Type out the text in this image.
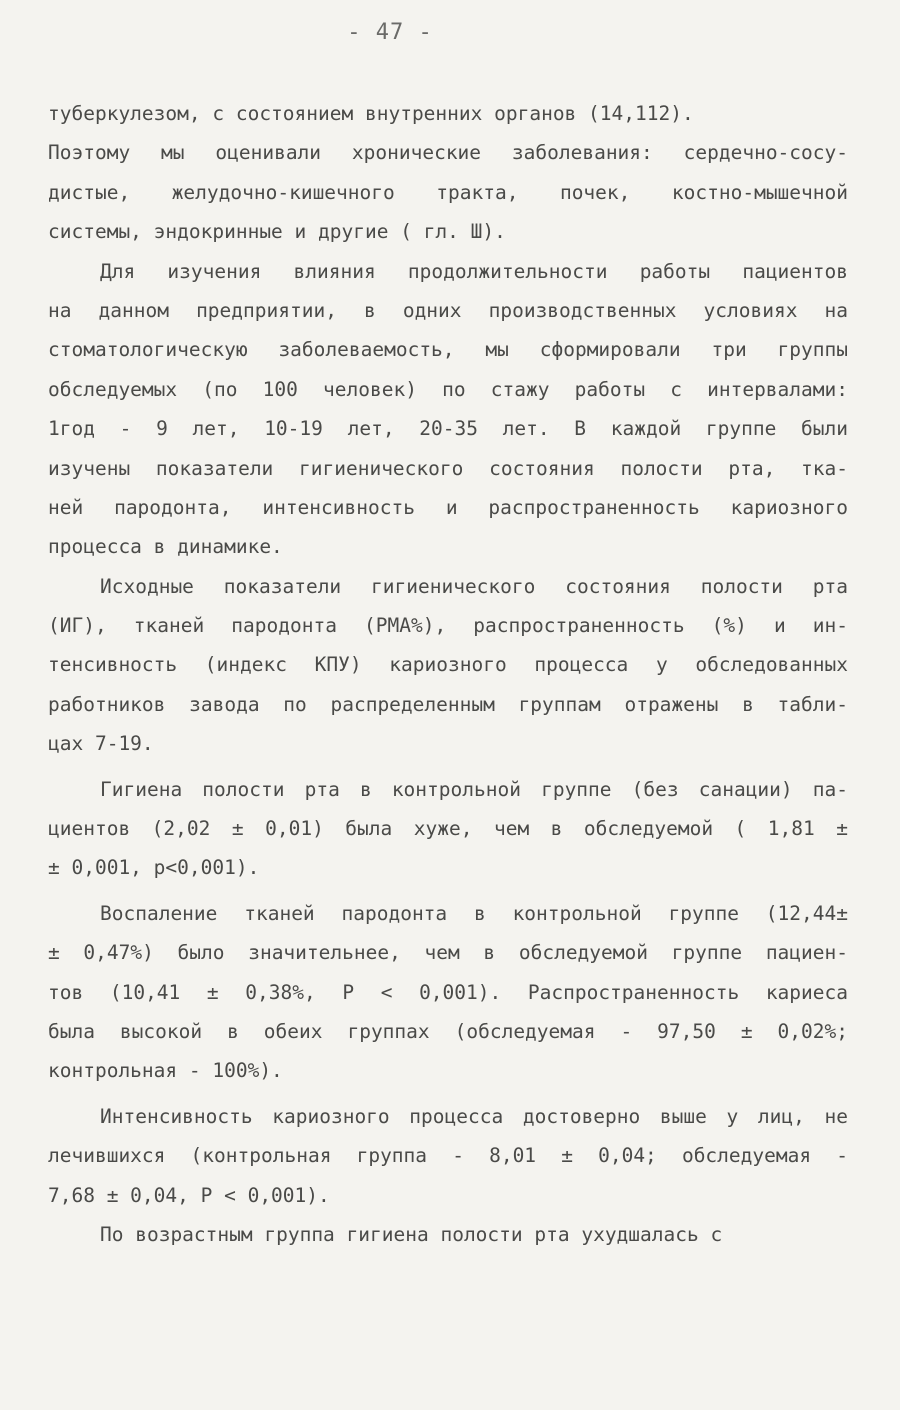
- 47 -
туберкулезом, с состоянием внутренних органов (14,112).
Поэтому мы оценивали хронические заболевания: сердечно-сосу-
дистые, желудочно-кишечного тракта, почек, костно-мышечной
системы, эндокринные и другие ( гл. Ш).
Для изучения влияния продолжительности работы пациентов
на данном предприятии, в одних производственных условиях на
стоматологическую заболеваемость, мы сформировали три группы
обследуемых (по 100 человек) по стажу работы с интервалами:
1год - 9 лет, 10-19 лет, 20-35 лет. В каждой группе были
изучены показатели гигиенического состояния полости рта, тка-
ней пародонта, интенсивность и распространенность кариозного
процесса в динамике.
Исходные показатели гигиенического состояния полости рта
(ИГ), тканей пародонта (РМА%), распространенность (%) и ин-
тенсивность (индекс КПУ) кариозного процесса у обследованных
работников завода по распределенным группам отражены в табли-
цах 7-19.
Гигиена полости рта в контрольной группе (без санации) па-
циентов (2,02 ± 0,01) была хуже, чем в обследуемой ( 1,81 ±
± 0,001, р<0,001).
Воспаление тканей пародонта в контрольной группе (12,44±
± 0,47%) было значительнее, чем в обследуемой группе пациен-
тов (10,41 ± 0,38%, Р < 0,001). Распространенность кариеса
была высокой в обеих группах (обследуемая - 97,50 ± 0,02%;
контрольная - 100%).
Интенсивность кариозного процесса достоверно выше у лиц, не
лечившихся (контрольная группа - 8,01 ± 0,04; обследуемая -
7,68 ± 0,04, Р < 0,001).
По возрастным группа гигиена полости рта ухудшалась с
